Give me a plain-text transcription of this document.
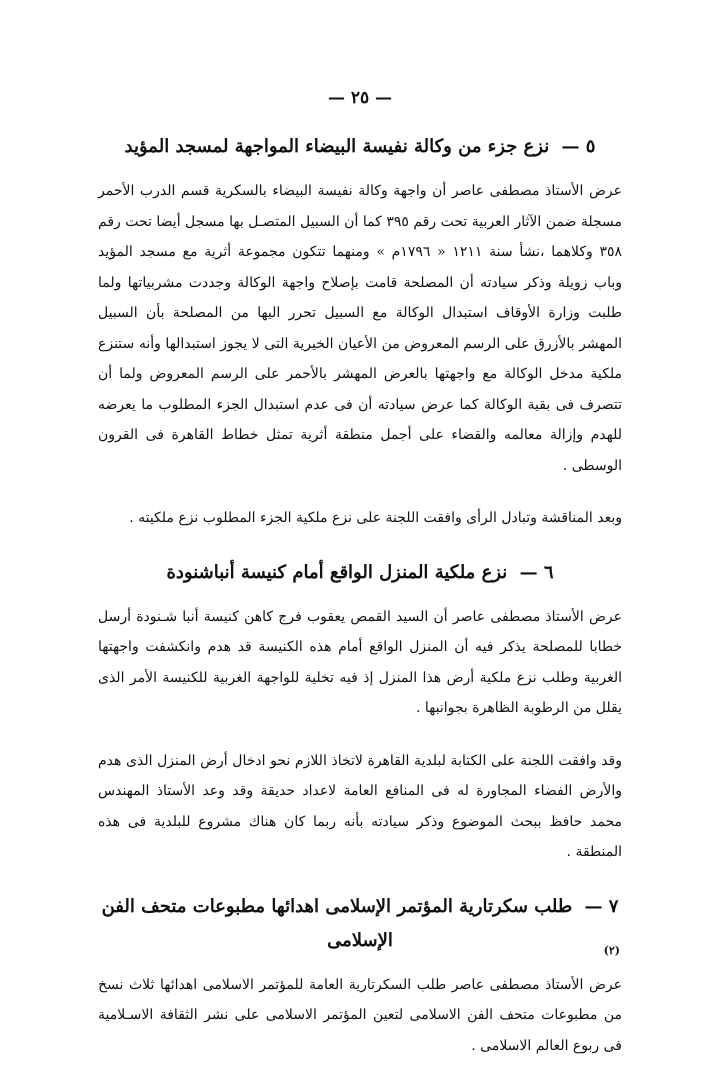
— ٢٥ —
٥ — نزع جزء من وكالة نفيسة البيضاء المواجهة لمسجد المؤيد

عرض الأستاذ مصطفى عاصر أن واجهة وكالة نفيسة البيضاء بالسكرية قسم الدرب الأحمر مسجلة ضمن الآثار العربية تحت رقم ٣٩٥ كما أن السبيل المتصـل بها مسجل أيضا تحت رقم ٣٥٨ وكلاهما ،نشأ سنة ١٢١١ « ١٧٩٦م » ومنهما تتكون مجموعة أثرية مع مسجد المؤيد وباب زويلة وذكر سيادته أن المصلحة قامت بإصلاح واجهة الوكالة وجددت مشربياتها ولما طلبت وزارة الأوقاف استبدال الوكالة مع السبيل تحرر اليها من المصلحة بأن السبيل المهشر بالأزرق على الرسم المعروض من الأعيان الخيرية التى لا يجوز استبدالها وأنه ستنزع ملكية مدخل الوكالة مع واجهتها بالعرض المهشر بالأحمر على الرسم المعروض ولما أن تتصرف فى بقية الوكالة كما عرض سيادته أن فى عدم استبدال الجزء المطلوب ما يعرضه للهدم وإزالة معالمه والقضاء على أجمل منطقة أثرية تمثل خطاط القاهرة فى القرون الوسطى .

وبعد المناقشة وتبادل الرأى وافقت اللجنة على نزع ملكية الجزء المطلوب نزع ملكيته .

٦ — نزع ملكية المنزل الواقع أمام كنيسة أنباشنودة

عرض الأستاذ مصطفى عاصر أن السيد القمص يعقوب فرج كاهن كنيسة أنبا شـنودة أرسل خطابا للمصلحة يذكر فيه أن المنزل الواقع أمام هذه الكنيسة قد هدم وانكشفت واجهتها الغربية وطلب نزع ملكية أرض هذا المنزل إذ فيه تخلية للواجهة الغربية للكنيسة الأمر الذى يقلل من الرطوبة الظاهرة بجوانبها .

وقد وافقت اللجنة على الكتابة لبلدية القاهرة لاتخاذ اللازم نحو ادخال أرض المنزل الذى هدم والأرض الفضاء المجاورة له فى المنافع العامة لاعداد حديقة وقد وعد الأستاذ المهندس محمد حافظ ببحث الموضوع وذكر سيادته بأنه ربما كان هناك مشروع للبلدية فى هذه المنطقة .

٧ — طلب سكرتارية المؤتمر الإسلامى اهدائها مطبوعات متحف الفن الإسلامى

عرض الأستاذ مصطفى عاصر طلب السكرتارية العامة للمؤتمر الاسلامى اهدائها ثلاث نسخ من مطبوعات متحف الفن الاسلامى لتعين المؤتمر الاسلامى على نشر الثقافة الاسـلامية فى ربوع العالم الاسلامى .

(٢)
